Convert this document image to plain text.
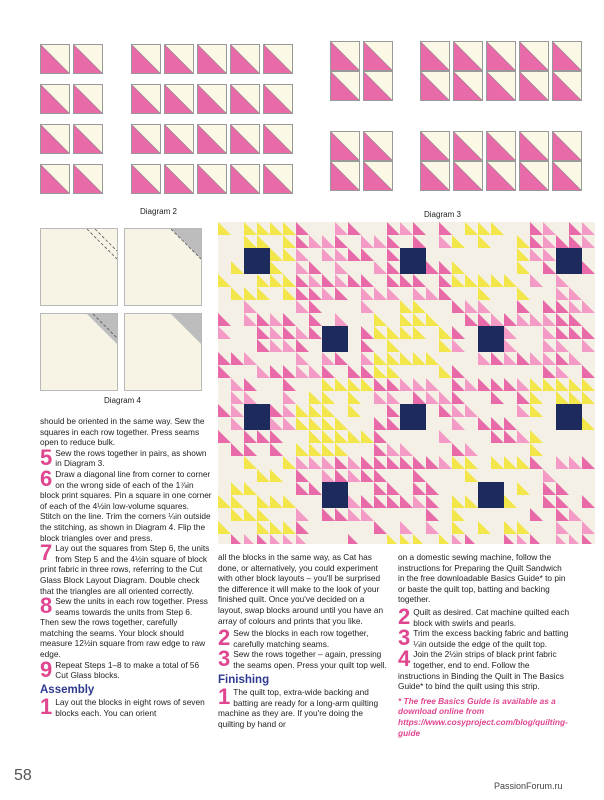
Diagram 2	Diagram 3
Diagram 4

should be oriented in the same way. Sew the squares in each row together. Press seams open to reduce bulk.

5 Sew the rows together in pairs, as shown in Diagram 3.

6 Draw a diagonal line from corner to corner on the wrong side of each of the 1⅞in block print squares. Pin a square in one corner of each of the 4½in low-volume squares. Stitch on the line. Trim the corners ¼in outside the stitching, as shown in Diagram 4. Flip the block triangles over and press.

7 Lay out the squares from Step 6, the units from Step 5 and the 4½in square of block print fabric in three rows, referring to the Cut Glass Block Layout Diagram. Double check that the triangles are all oriented correctly.

8 Sew the units in each row together. Press seams towards the units from Step 6. Then sew the rows together, carefully matching the seams. Your block should measure 12½in square from raw edge to raw edge.

9 Repeat Steps 1–8 to make a total of 56 Cut Glass blocks.

Assembly

1 Lay out the blocks in eight rows of seven blocks each. You can orient

all the blocks in the same way, as Cat has done, or alternatively, you could experiment with other block layouts – you'll be surprised the difference it will make to the look of your finished quilt. Once you've decided on a layout, swap blocks around until you have an array of colours and prints that you like.

2 Sew the blocks in each row together, carefully matching seams.

3 Sew the rows together – again, pressing the seams open. Press your quilt top well.

Finishing

1 The quilt top, extra-wide backing and batting are ready for a long-arm quilting machine as they are. If you're doing the quilting by hand or

on a domestic sewing machine, follow the instructions for Preparing the Quilt Sandwich in the free downloadable Basics Guide* to pin or baste the quilt top, batting and backing together.

2 Quilt as desired. Cat machine quilted each block with swirls and pearls.

3 Trim the excess backing fabric and batting ¼in outside the edge of the quilt top.

4 Join the 2½in strips of black print fabric together, end to end. Follow the instructions in Binding the Quilt in The Basics Guide* to bind the quilt using this strip.

* The free Basics Guide is available as a download online from https://www.cosyproject.com/blog/quilting-guide

58
PassionForum.ru
